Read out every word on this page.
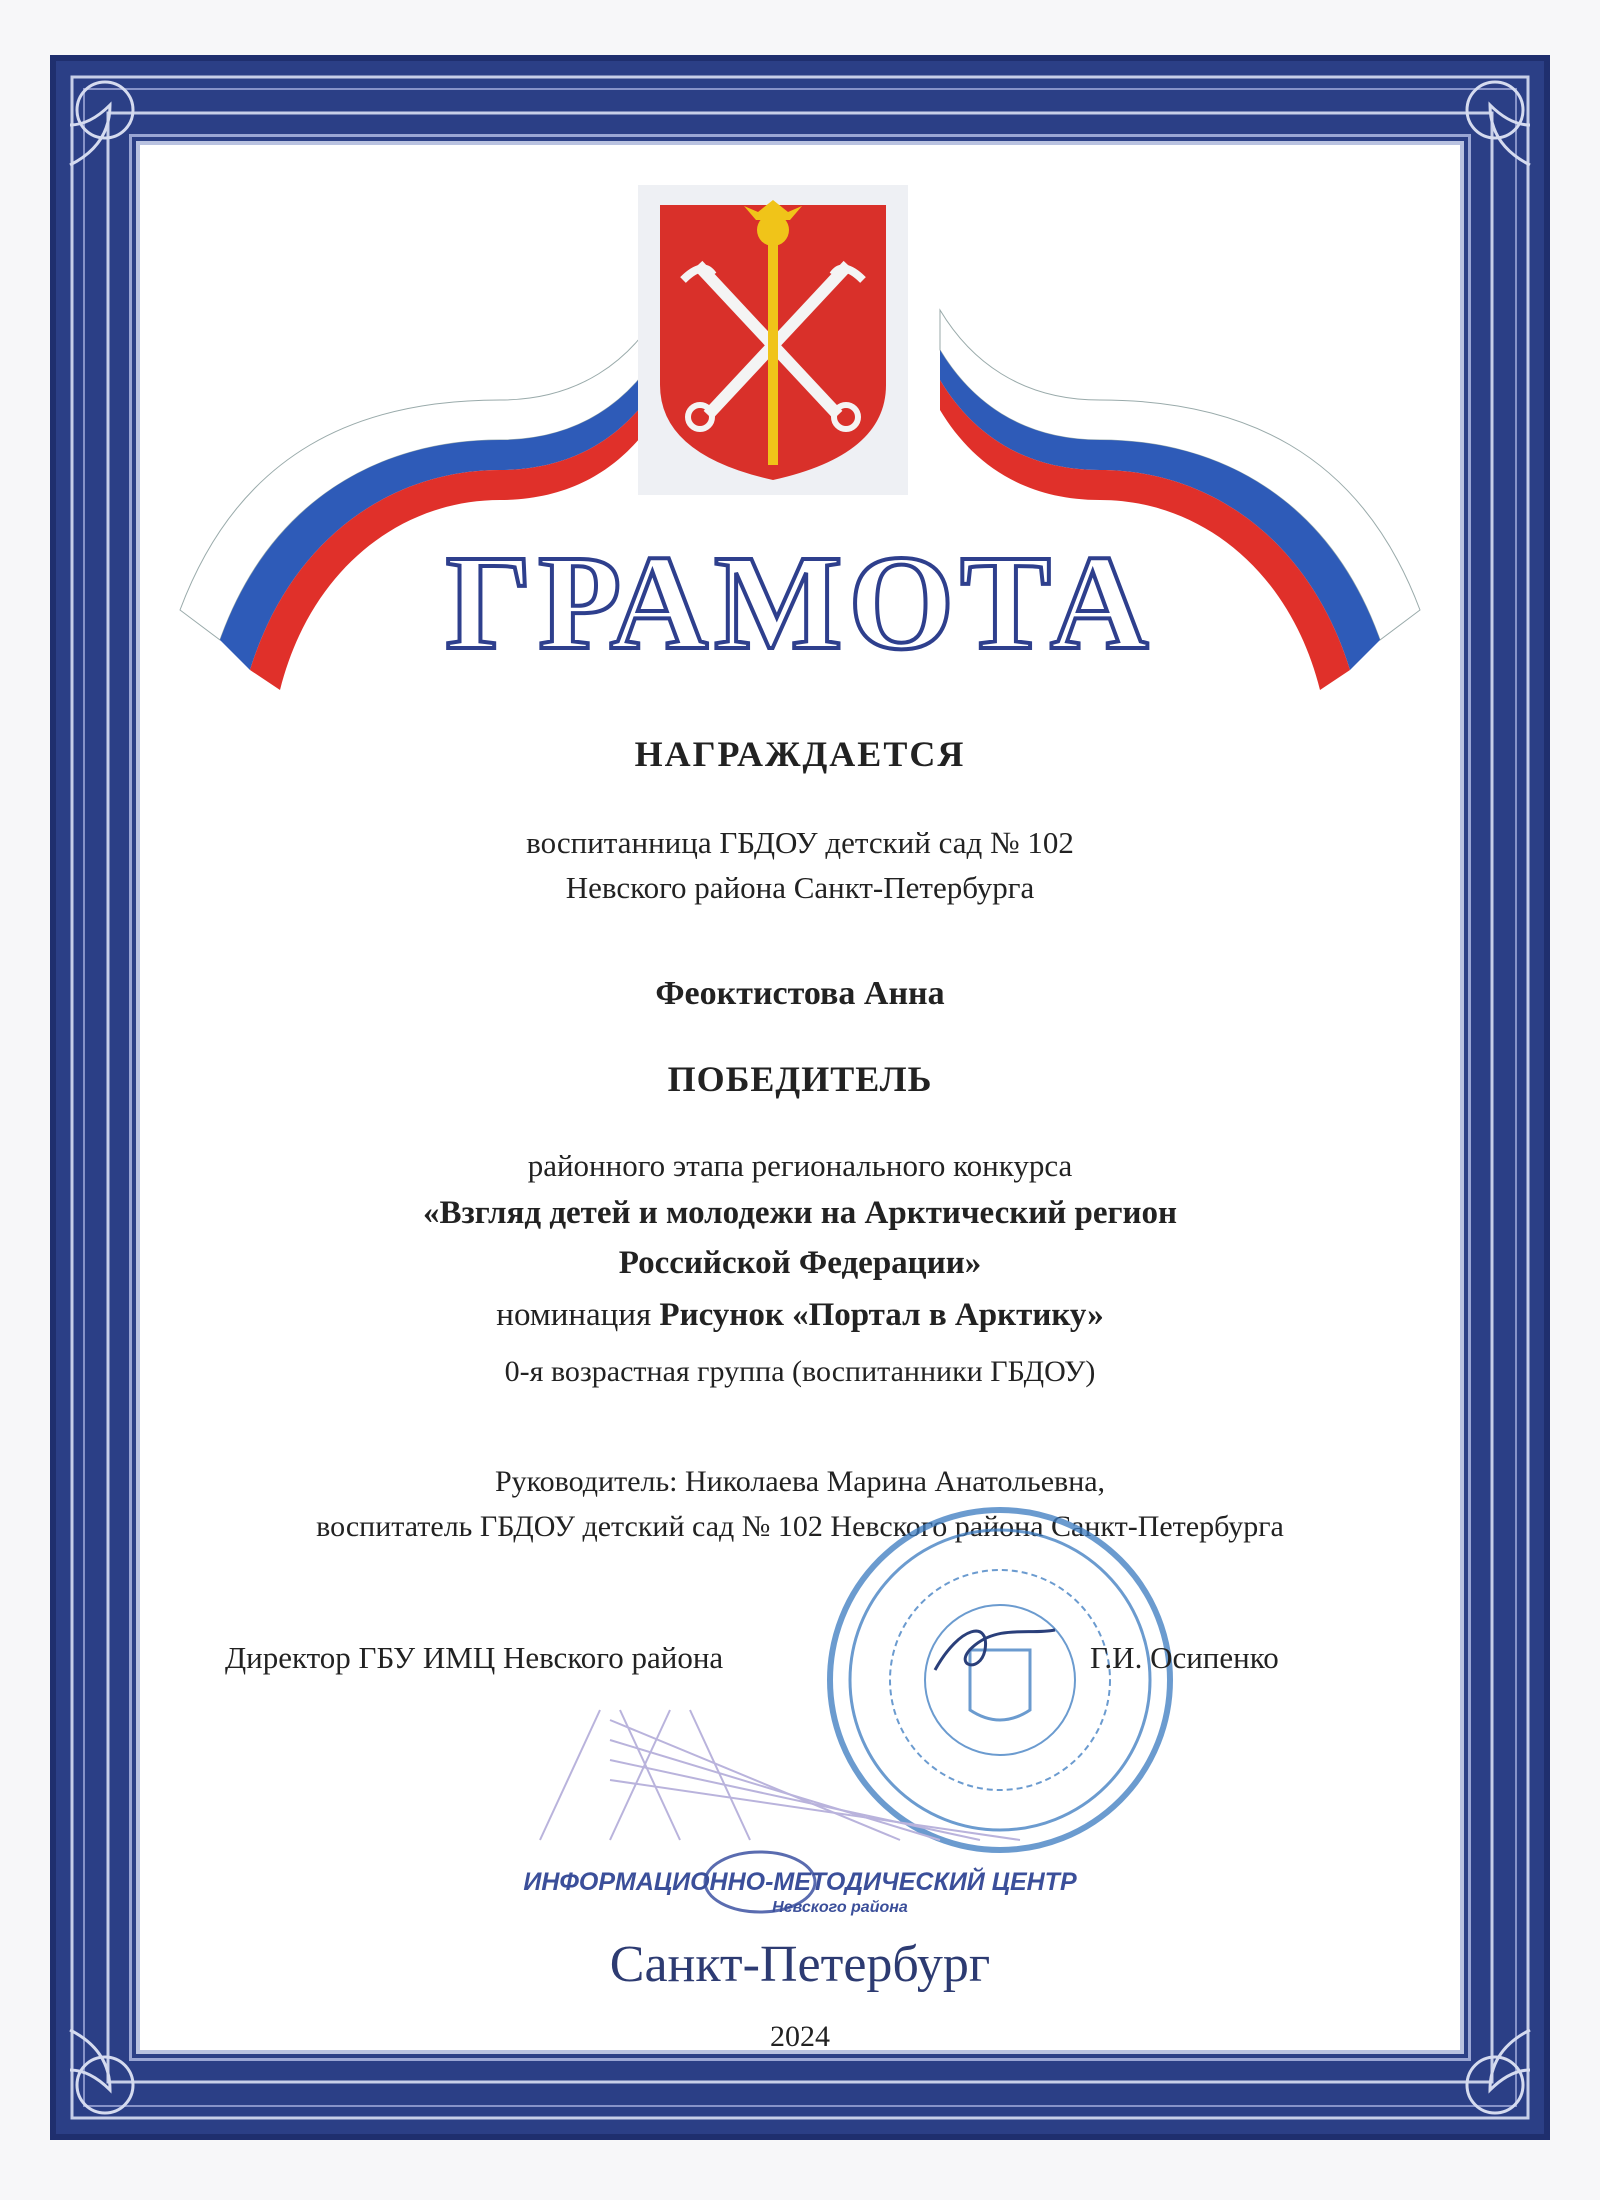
ГРАМОТА
НАГРАЖДАЕТСЯ
воспитанница ГБДОУ детский сад № 102
Невского района Санкт-Петербурга
Феоктистова Анна
ПОБЕДИТЕЛЬ
районного этапа регионального конкурса
«Взгляд детей и молодежи на Арктический регион
Российской Федерации»
номинация Рисунок «Портал в Арктику»
0-я возрастная группа (воспитанники ГБДОУ)
Руководитель: Николаева Марина Анатольевна,
воспитатель ГБДОУ детский сад № 102 Невского района Санкт-Петербурга
Директор ГБУ ИМЦ Невского района	Г.И. Осипенко
ИНФОРМАЦИОННО-МЕТОДИЧЕСКИЙ ЦЕНТР
Невского района
Санкт-Петербург
2024
